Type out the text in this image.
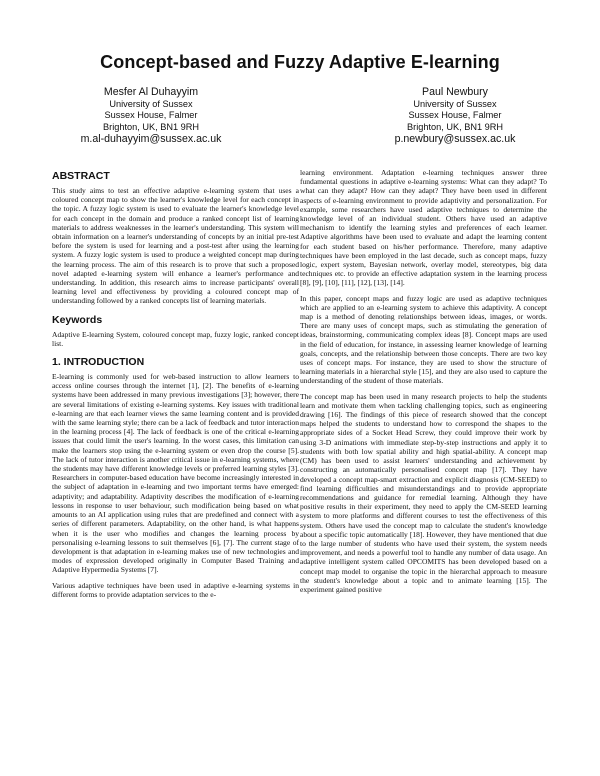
Concept-based and Fuzzy Adaptive E-learning
Mesfer Al Duhayyim
University of Sussex
Sussex House, Falmer
Brighton, UK, BN1 9RH
m.al-duhayyim@sussex.ac.uk
Paul Newbury
University of Sussex
Sussex House, Falmer
Brighton, UK, BN1 9RH
p.newbury@sussex.ac.uk
ABSTRACT

This study aims to test an effective adaptive e-learning system that uses a coloured concept map to show the learner's knowledge level for each concept in the topic. A fuzzy logic system is used to evaluate the learner's knowledge level for each concept in the domain and produce a ranked concept list of learning materials to address weaknesses in the learner's understanding. This system will obtain information on a learner's understanding of concepts by an initial pre-test before the system is used for learning and a post-test after using the learning system. A fuzzy logic system is used to produce a weighted concept map during the learning process. The aim of this research is to prove that such a proposed novel adapted e-learning system will enhance a learner's performance and understanding. In addition, this research aims to increase participants' overall learning level and effectiveness by providing a coloured concept map of understanding followed by a ranked concepts list of learning materials.

Keywords

Adaptive E-learning System, coloured concept map, fuzzy logic, ranked concept list.

1. INTRODUCTION

E-learning is commonly used for web-based instruction to allow learners to access online courses through the internet [1], [2]. The benefits of e-learning systems have been addressed in many previous investigations [3]; however, there are several limitations of existing e-learning systems. Key issues with traditional e-learning are that each learner views the same learning content and is provided with the same learning style; there can be a lack of feedback and tutor interaction in the learning process [4]. The lack of feedback is one of the critical e-learning issues that could limit the user's learning. In the worst cases, this limitation can make the learners stop using the e-learning system or even drop the course [5]. The lack of tutor interaction is another critical issue in e-learning systems, where the students may have different knowledge levels or preferred learning styles [3]. Researchers in computer-based education have become increasingly interested in the subject of adaptation in e-learning and two important terms have emerged: adaptivity; and adaptability. Adaptivity describes the modification of e-learning lessons in response to user behaviour, such modification being based on what amounts to an AI application using rules that are predefined and connect with a series of different parameters. Adaptability, on the other hand, is what happens when it is the user who modifies and changes the learning process by personalising e-learning lessons to suit themselves [6], [7]. The current stage of development is that adaptation in e-learning makes use of new technologies and modes of expression developed originally in Computer Based Training and Adaptive Hypermedia Systems [7].

Various adaptive techniques have been used in adaptive e-learning systems in different forms to provide adaptation services to the e-

learning environment. Adaptation e-learning techniques answer three fundamental questions in adaptive e-learning systems: What can they adapt? To what can they adapt? How can they adapt? They have been used in different aspects of e-learning environment to provide adaptivity and personalization. For example, some researchers have used adaptive techniques to determine the knowledge level of an individual student. Others have used an adaptive mechanism to identify the learning styles and preferences of each learner. Adaptive algorithms have been used to evaluate and adapt the learning content for each student based on his/her performance. Therefore, many adaptive techniques have been employed in the last decade, such as concept maps, fuzzy logic, expert system, Bayesian network, overlay model, stereotypes, big data techniques etc. to provide an effective adaptation system in the learning process [8], [9], [10], [11], [12], [13], [14].

In this paper, concept maps and fuzzy logic are used as adaptive techniques which are applied to an e-learning system to achieve this adaptivity. A concept map is a method of denoting relationships between ideas, images, or words. There are many uses of concept maps, such as stimulating the generation of ideas, brainstorming, communicating complex ideas [8]. Concept maps are used in the field of education, for instance, in assessing learner knowledge of learning goals, concepts, and the relationship between those concepts. There are two key uses of concept maps. For instance, they are used to show the structure of learning materials in a hierarchal style [15], and they are also used to capture the understanding of the student of those materials.

The concept map has been used in many research projects to help the students learn and motivate them when tackling challenging topics, such as engineering drawing [16]. The findings of this piece of research showed that the concept maps helped the students to understand how to correspond the shapes to the appropriate sides of a Socket Head Screw, they could improve their work by using 3-D animations with immediate step-by-step instructions and apply it to students with both low spatial ability and high spatial-ability. A concept map (CM) has been used to assist learners' understanding and achievement by constructing an automatically personalised concept map [17]. They have developed a concept map-smart extraction and explicit diagnosis (CM-SEED) to find learning difficulties and misunderstandings and to provide appropriate recommendations and guidance for remedial learning. Although they have positive results in their experiment, they need to apply the CM-SEED learning system to more platforms and different courses to test the effectiveness of this system. Others have used the concept map to calculate the student's knowledge about a specific topic automatically [18]. However, they have mentioned that due to the large number of students who have used their system, the system needs improvement, and needs a powerful tool to handle any number of data usage. An adaptive intelligent system called OPCOMITS has been developed based on a concept map model to organise the topic in the hierarchal approach to measure the student's knowledge about a topic and to animate learning [15]. The experiment gained positive
